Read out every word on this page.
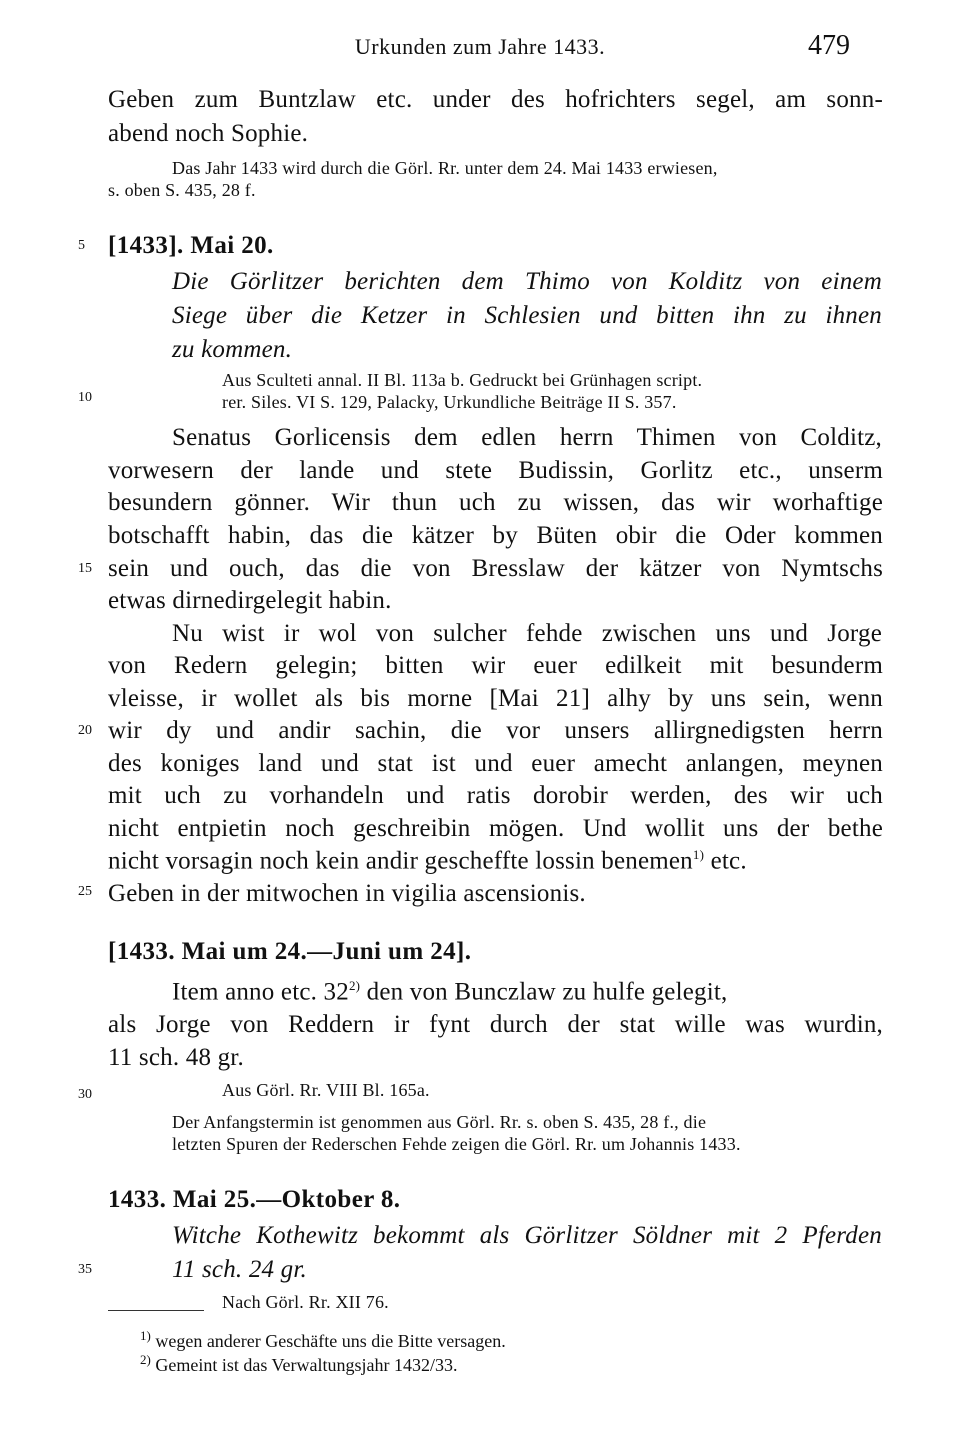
Urkunden zum Jahre 1433.	479
Geben zum Buntzlaw etc. under des hofrichters segel, am sonn-
abend noch Sophie.
Das Jahr 1433 wird durch die Görl. Rr. unter dem 24. Mai 1433 erwiesen,
s. oben S. 435, 28 f.
5
10
15
20
25
30
35
[1433]. Mai 20.
Die Görlitzer berichten dem Thimo von Kolditz von einem
Siege über die Ketzer in Schlesien und bitten ihn zu ihnen
zu kommen.
Aus Sculteti annal. II Bl. 113a b. Gedruckt bei Grünhagen script.
rer. Siles. VI S. 129, Palacky, Urkundliche Beiträge II S. 357.
Senatus Gorlicensis dem edlen herrn Thimen von Colditz,
vorwesern der lande und stete Budissin, Gorlitz etc., unserm
besundern gönner. Wir thun uch zu wissen, das wir worhaftige
botschafft habin, das die kätzer by Büten obir die Oder kommen
sein und ouch, das die von Bresslaw der kätzer von Nymtschs
etwas dirnedirgelegit habin.
Nu wist ir wol von sulcher fehde zwischen uns und Jorge
von Redern gelegin; bitten wir euer edilkeit mit besunderm
vleisse, ir wollet als bis morne [Mai 21] alhy by uns sein, wenn
wir dy und andir sachin, die vor unsers allirgnedigsten herrn
des koniges land und stat ist und euer amecht anlangen, meynen
mit uch zu vorhandeln und ratis dorobir werden, des wir uch
nicht entpietin noch geschreibin mögen. Und wollit uns der bethe
nicht vorsagin noch kein andir gescheffte lossin benemen$^{1)}$ etc.
Geben in der mitwochen in vigilia ascensionis.
[1433. Mai um 24.—Juni um 24].
Item anno etc. 32$^{2)}$ den von Bunczlaw zu hulfe gelegit,
als Jorge von Reddern ir fynt durch der stat wille was wurdin,
11 sch. 48 gr.
Aus Görl. Rr. VIII Bl. 165a.
Der Anfangstermin ist genommen aus Görl. Rr. s. oben S. 435, 28 f., die
letzten Spuren der Rederschen Fehde zeigen die Görl. Rr. um Johannis 1433.
1433. Mai 25.—Oktober 8.
Witche Kothewitz bekommt als Görlitzer Söldner mit 2 Pferden
11 sch. 24 gr.
Nach Görl. Rr. XII 76.
$^{1)}$ wegen anderer Geschäfte uns die Bitte versagen.
$^{2)}$ Gemeint ist das Verwaltungsjahr 1432/33.
